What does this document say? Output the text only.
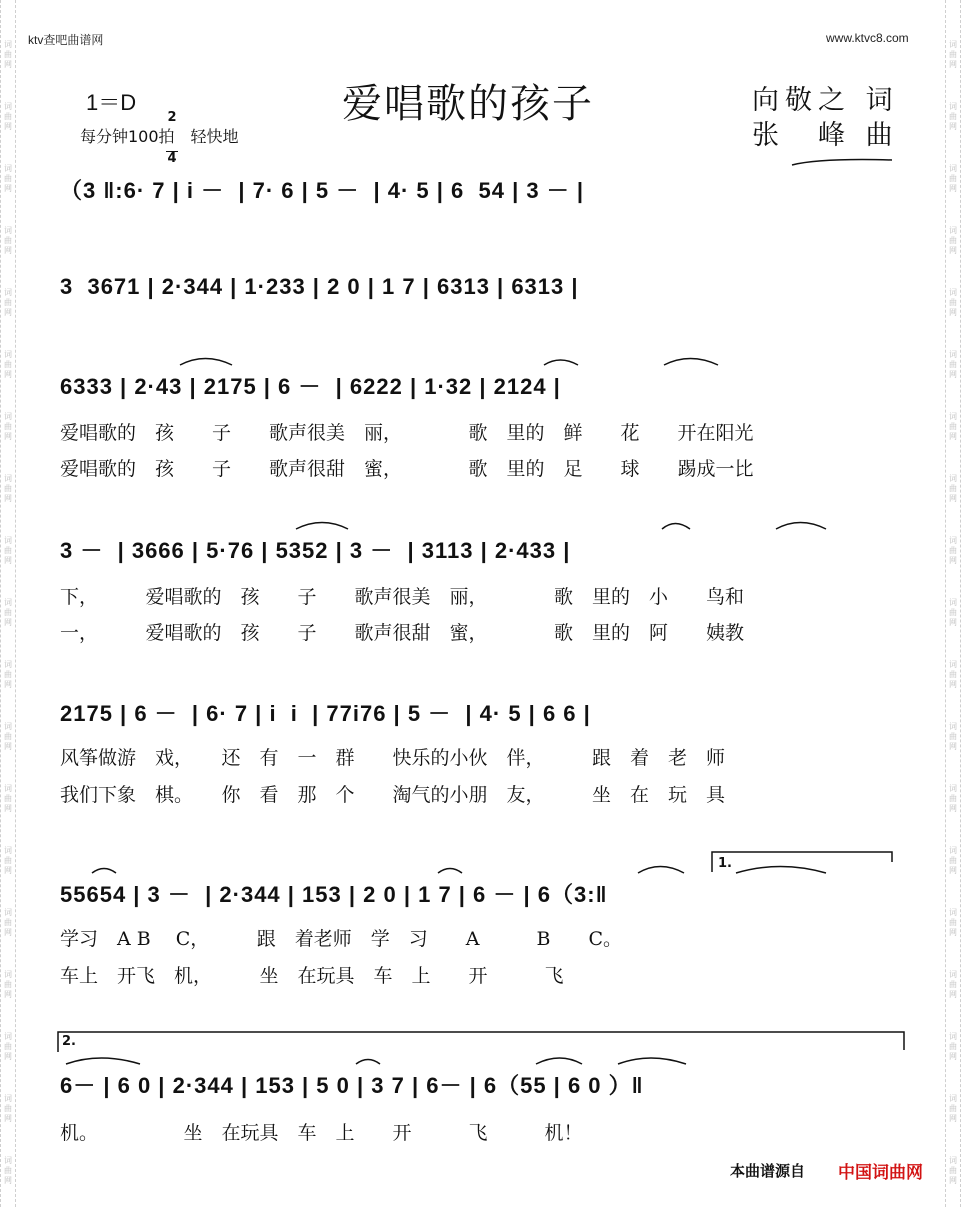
词
曲
网
词
曲
网
词
曲
网
词
曲
网
词
曲
网
词
曲
网
词
曲
网
词
曲
网
词
曲
网
词
曲
网
词
曲
网
词
曲
网
词
曲
网
词
曲
网
词
曲
网
词
曲
网
词
曲
网
词
曲
网
词
曲
网
词
曲
网
词
曲
网
词
曲
网
词
曲
网
词
曲
网
词
曲
网
词
曲
网
词
曲
网
词
曲
网
词
曲
网
词
曲
网
词
曲
网
词
曲
网
词
曲
网
词
曲
网
词
曲
网
词
曲
网
词
曲
网
词
曲
网
ktv查吧曲谱网	www.ktvc8.com
1＝D

2

4

每分钟100拍　轻快地
爱唱歌的孩子	向敬之 词
张　峰 曲
（3 ‖:6· 7 | i －  | 7· 6 | 5 －  | 4· 5 | 6  54 | 3 － |
3  3671 | 2·344 | 1·233 | 2 0 | 1 7 | 6313 | 6313 |
6333 | 2·43 | 2175 | 6 －  | 6222 | 1·32 | 2124 |
爱唱歌的　孩　　子　　歌声很美　丽，　　　　歌　里的　鲜　　花　　开在阳光
爱唱歌的　孩　　子　　歌声很甜　蜜，　　　　歌　里的　足　　球　　踢成一比
3 －  | 3666 | 5·76 | 5352 | 3 －  | 3113 | 2·433 |
下，　　　爱唱歌的　孩　　子　　歌声很美　丽，　　　　歌　里的　小　　鸟和
一，　　　爱唱歌的　孩　　子　　歌声很甜　蜜，　　　　歌　里的　阿　　姨教
2175 | 6 －  | 6· 7 | i  i  | 77i76 | 5 －  | 4· 5 | 6 6 |
风筝做游　戏，　　还　有　一　群　　快乐的小伙　伴，　　　跟　着　老　师
我们下象　棋。　　你　看　那　个　　淘气的小朋　友，　　　坐　在　玩　具
55654 | 3 －  | 2·344 | 153 | 2 0 | 1 7 | 6 － | 6（3:‖
学习　A B　 C，　　　跟　着老师　学　习　　A　　　B　　C。
车上　开飞　机，　　　坐　在玩具　车　上　　开　　　飞
6－ | 6 0 | 2·344 | 153 | 5 0 | 3 7 | 6－ | 6（55 | 6 0 ）‖
机。　　　　　坐　在玩具　车　上　　开　　　飞　　　机！
1.
2.
本曲谱源自 中国词曲网
